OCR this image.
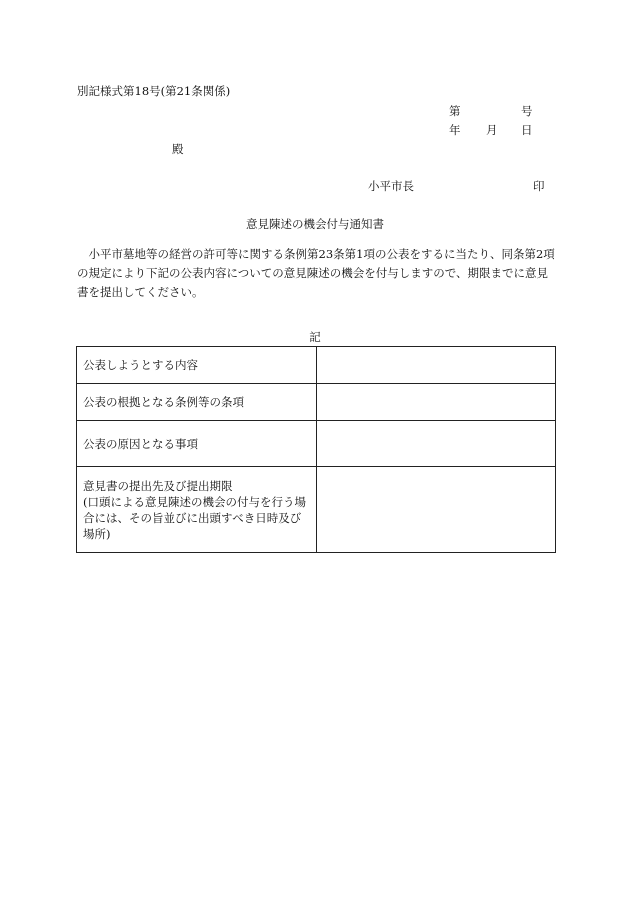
別記様式第18号(第21条関係)
第	号
年 月 日
殿
小平市長	印
意見陳述の機会付与通知書
小平市墓地等の経営の許可等に関する条例第23条第1項の公表をするに当たり、同条第2項の規定により下記の公表内容についての意見陳述の機会を付与しますので、期限までに意見書を提出してください。
記
公表しようとする内容	
公表の根拠となる条例等の条項	
公表の原因となる事項	

意見書の提出先及び提出期限
(口頭による意見陳述の機会の付与を行う場合には、その旨並びに出頭すべき日時及び場所)	
